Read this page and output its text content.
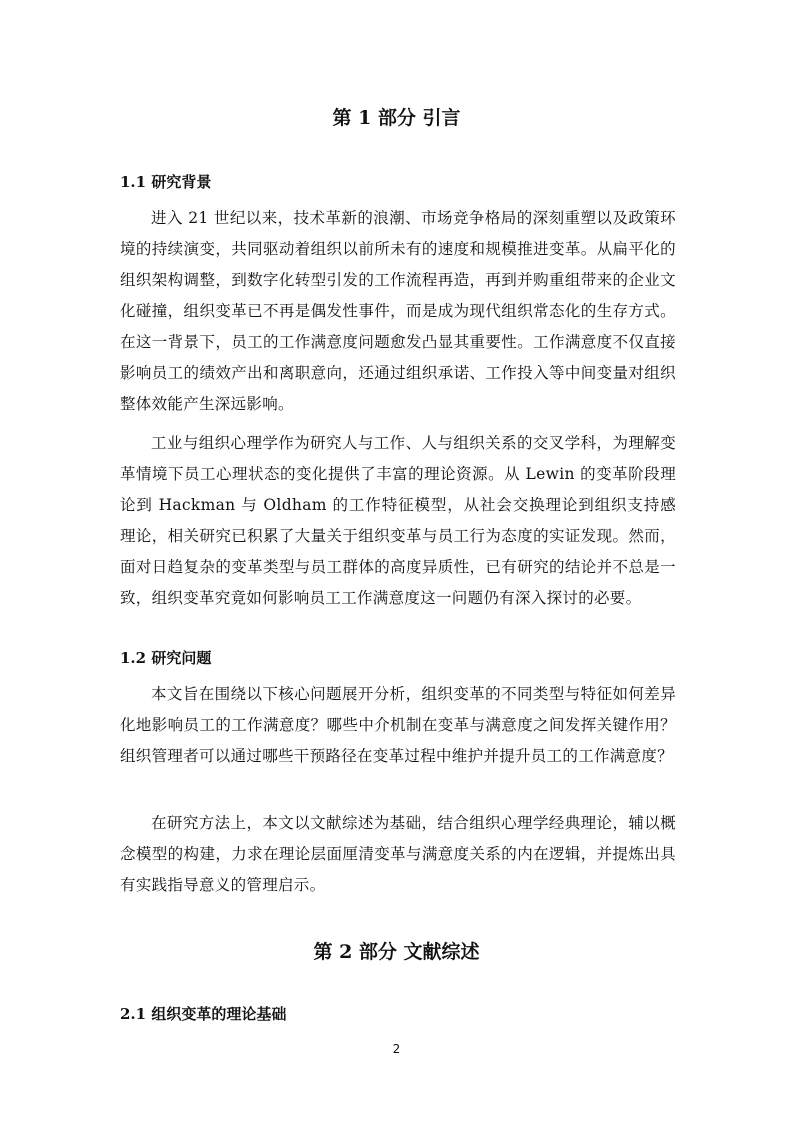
第 1 部分 引言
1.1 研究背景

进入 21 世纪以来，技术革新的浪潮、市场竞争格局的深刻重塑以及政策环境的持续演变，共同驱动着组织以前所未有的速度和规模推进变革。从扁平化的组织架构调整，到数字化转型引发的工作流程再造，再到并购重组带来的企业文化碰撞，组织变革已不再是偶发性事件，而是成为现代组织常态化的生存方式。在这一背景下，员工的工作满意度问题愈发凸显其重要性。工作满意度不仅直接影响员工的绩效产出和离职意向，还通过组织承诺、工作投入等中间变量对组织整体效能产生深远影响。

工业与组织心理学作为研究人与工作、人与组织关系的交叉学科，为理解变革情境下员工心理状态的变化提供了丰富的理论资源。从 Lewin 的变革阶段理论到 Hackman 与 Oldham 的工作特征模型，从社会交换理论到组织支持感理论，相关研究已积累了大量关于组织变革与员工行为态度的实证发现。然而，面对日趋复杂的变革类型与员工群体的高度异质性，已有研究的结论并不总是一致，组织变革究竟如何影响员工工作满意度这一问题仍有深入探讨的必要。

1.2 研究问题

本文旨在围绕以下核心问题展开分析，组织变革的不同类型与特征如何差异化地影响员工的工作满意度？哪些中介机制在变革与满意度之间发挥关键作用？组织管理者可以通过哪些干预路径在变革过程中维护并提升员工的工作满意度？

在研究方法上，本文以文献综述为基础，结合组织心理学经典理论，辅以概念模型的构建，力求在理论层面厘清变革与满意度关系的内在逻辑，并提炼出具有实践指导意义的管理启示。

第 2 部分 文献综述
2.1 组织变革的理论基础
2
